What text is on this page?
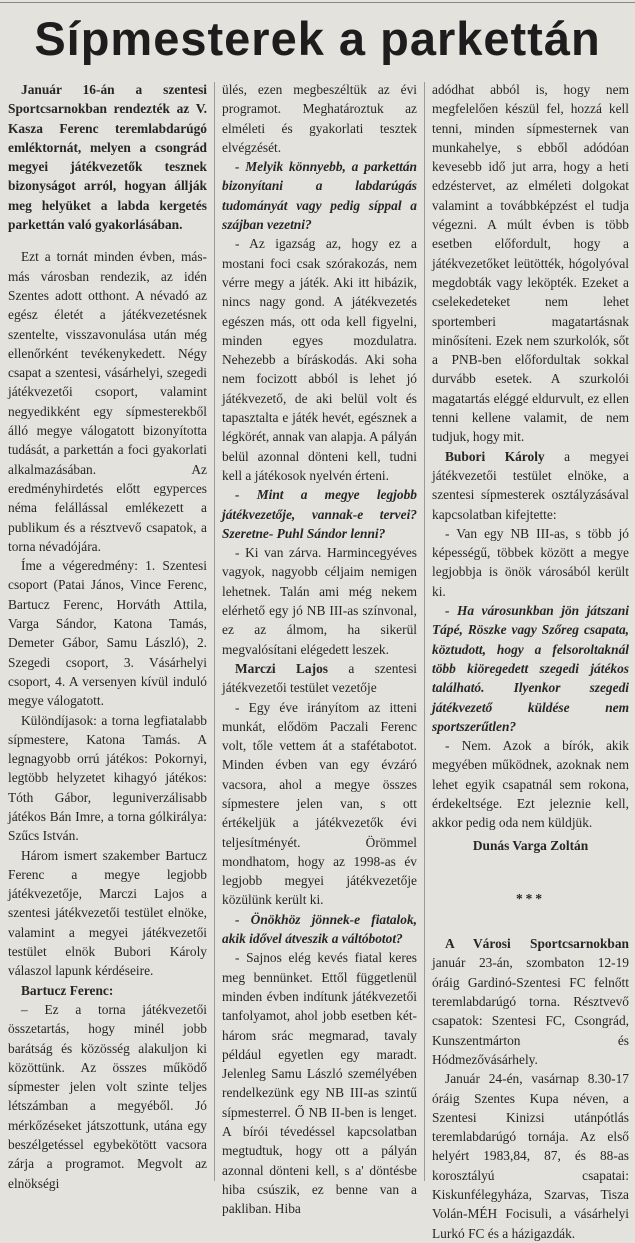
Sípmesterek a parkettán

Január 16-án a szentesi Sportcsarnokban rendezték az V. Kasza Ferenc teremlabdarúgó emléktornát, melyen a csongrád megyei játékvezetők tesznek bizonyságot arról, hogyan állják meg helyüket a labda kergetés parkettán való gyakorlásában.

Ezt a tornát minden évben, más-más városban rendezik, az idén Szentes adott otthont. A névadó az egész életét a játékvezetésnek szentelte, visszavonulása után még ellenőrként tevékenykedett. Négy csapat a szentesi, vásárhelyi, szegedi játékvezetői csoport, valamint negyedikként egy sípmesterekből álló megye válogatott bizonyította tudását, a parkettán a foci gyakorlati alkalmazásában. Az eredményhirdetés előtt egyperces néma felállással emlékezett a publikum és a résztvevő csapatok, a torna névadójára.

Íme a végeredmény: 1. Szentesi csoport (Patai János, Vince Ferenc, Bartucz Ferenc, Horváth Attila, Varga Sándor, Katona Tamás, Demeter Gábor, Samu László), 2. Szegedi csoport, 3. Vásárhelyi csoport, 4. A versenyen kívül induló megye válogatott.

Különdíjasok: a torna legfiatalabb sípmestere, Katona Tamás. A legnagyobb orrú játékos: Pokornyi, legtöbb helyzetet kihagyó játékos: Tóth Gábor, leguniverzálisabb játékos Bán Imre, a torna gólkirálya: Szűcs István.

Három ismert szakember Bartucz Ferenc a megye legjobb játékvezetője, Marczi Lajos a szentesi játékvezetői testület elnöke, valamint a megyei játékvezetői testület elnök Bubori Károly válaszol lapunk kérdéseire.

Bartucz Ferenc:

– Ez a torna játékvezetői összetartás, hogy minél jobb barátság és közösség alakuljon ki közöttünk. Az összes működő sípmester jelen volt szinte teljes létszámban a megyéből. Jó mérkőzéseket játszottunk, utána egy beszélgetéssel egybekötött vacsora zárja a programot. Megvolt az elnökségi

ülés, ezen megbeszéltük az évi programot. Meghatároztuk az elméleti és gyakorlati tesztek elvégzését.

- Melyik könnyebb, a parkettán bizonyítani a labdarúgás tudományát vagy pedig síppal a szájban vezetni?

- Az igazság az, hogy ez a mostani foci csak szórakozás, nem vérre megy a játék. Aki itt hibázik, nincs nagy gond. A játékvezetés egészen más, ott oda kell figyelni, minden egyes mozdulatra. Nehezebb a bíráskodás. Aki soha nem focizott abból is lehet jó játékvezető, de aki belül volt és tapasztalta e játék hevét, egésznek a légkörét, annak van alapja. A pályán belül azonnal dönteni kell, tudni kell a játékosok nyelvén érteni.

- Mint a megye legjobb játékvezetője, vannak-e tervei? Szeretne- Puhl Sándor lenni?

- Ki van zárva. Harmincegyéves vagyok, nagyobb céljaim nemigen lehetnek. Talán ami még nekem elérhető egy jó NB III-as színvonal, ez az álmom, ha sikerül megvalósítani elégedett leszek.

Marczi Lajos a szentesi játékvezetői testület vezetője

- Egy éve irányítom az itteni munkát, elődöm Paczali Ferenc volt, tőle vettem át a stafétabotot. Minden évben van egy évzáró vacsora, ahol a megye összes sípmestere jelen van, s ott értékeljük a játékvezetők évi teljesítményét. Örömmel mondhatom, hogy az 1998-as év legjobb megyei játékvezetője közülünk került ki.

- Önökhöz jönnek-e fiatalok, akik idővel átveszik a váltóbotot?

- Sajnos elég kevés fiatal keres meg bennünket. Ettől függetlenül minden évben indítunk játékvezetői tanfolyamot, ahol jobb esetben két-három srác megmarad, tavaly például egyetlen egy maradt. Jelenleg Samu László személyében rendelkezünk egy NB III-as szintű sípmesterrel. Ő NB II-ben is lenget. A bírói tévedéssel kapcsolatban megtudtuk, hogy ott a pályán azonnal dönteni kell, s a' döntésbe hiba csúszik, ez benne van a pakliban. Hiba

adódhat abból is, hogy nem megfelelően készül fel, hozzá kell tenni, minden sípmesternek van munkahelye, s ebből adódóan kevesebb idő jut arra, hogy a heti edzéstervet, az elméleti dolgokat valamint a továbbképzést el tudja végezni. A múlt évben is több esetben előfordult, hogy a játékvezetőket leütötték, hógolyóval megdobták vagy leköpték. Ezeket a cselekedeteket nem lehet sportemberi magatartásnak minősíteni. Ezek nem szurkolók, sőt a PNB-ben előfordultak sokkal durvább esetek. A szurkolói magatartás eléggé eldurvult, ez ellen tenni kellene valamit, de nem tudjuk, hogy mit.

Bubori Károly a megyei játékvezetői testület elnöke, a szentesi sípmesterek osztályzásával kapcsolatban kifejtette:

- Van egy NB III-as, s több jó képességű, többek között a megye legjobbja is önök városából került ki.

- Ha városunkban jön játszani Tápé, Röszke vagy Szőreg csapata, köztudott, hogy a felsoroltaknál több kiöregedett szegedi játékos található. Ilyenkor szegedi játékvezető küldése nem sportszerűtlen?

- Nem. Azok a bírók, akik megyében működnek, azoknak nem lehet egyik csapatnál sem rokona, érdekeltsége. Ezt jeleznie kell, akkor pedig oda nem küldjük.

Dunás Varga Zoltán

***

A Városi Sportcsarnokban január 23-án, szombaton 12-19 óráig Gardinó-Szentesi FC felnőtt teremlabdarúgó torna. Résztvevő csapatok: Szentesi FC, Csongrád, Kunszentmárton és Hódmezővásárhely.

Január 24-én, vasárnap 8.30-17 óráig Szentes Kupa néven, a Szentesi Kinizsi utánpótlás teremlabdarúgó tornája. Az első helyért 1983,84, 87, és 88-as korosztályú csapatai: Kiskunfélegyháza, Szarvas, Tisza Volán-MÉH Focisuli, a vásárhelyi Lurkó FC és a házigazdák.
